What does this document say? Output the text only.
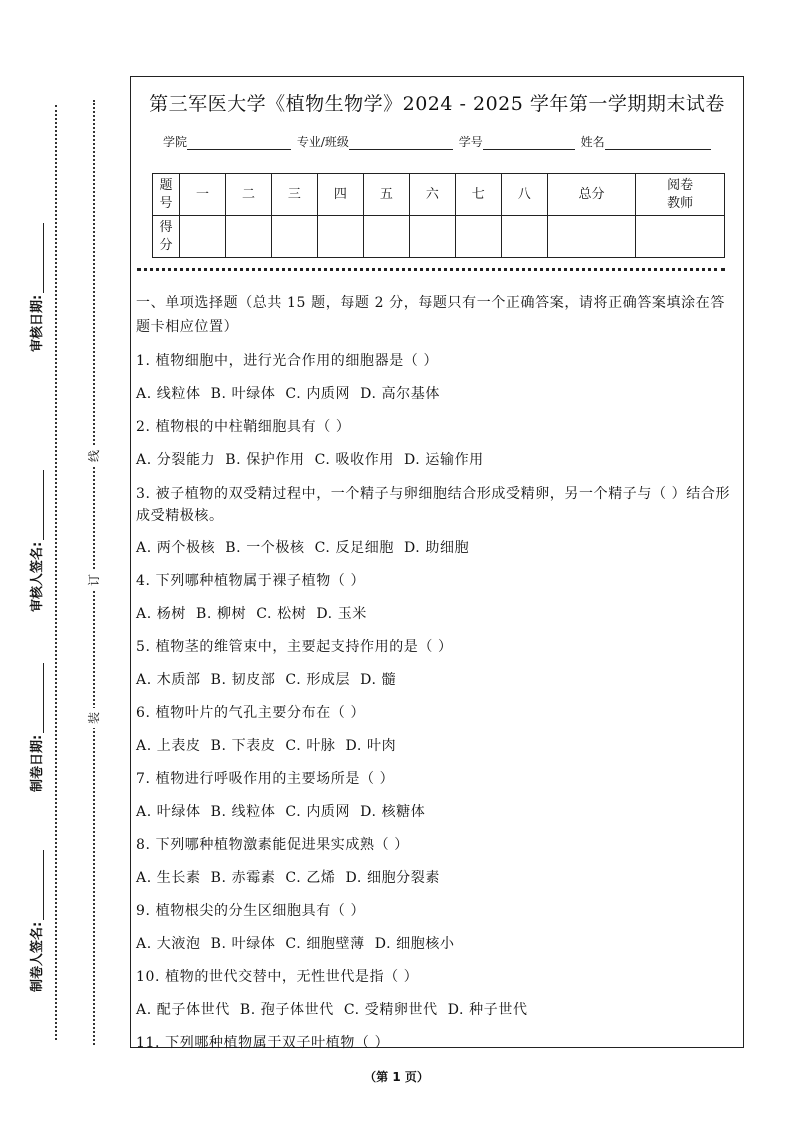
审核日期:
审核人签名:
制卷日期:
制卷人签名:
线
订
装
第三军医大学《植物生物学》2024 - 2025 学年第一学期期末试卷
学院	专业/班级	学号	姓名
题
号	一	二	三	四	五	六	七	八	总分	阅卷
教师
得
分										
一、单项选择题（总共 15 题，每题 2 分，每题只有一个正确答案，请将正确答案填涂在答题卡相应位置）
1. 植物细胞中，进行光合作用的细胞器是（ ）
A. 线粒体 B. 叶绿体 C. 内质网 D. 高尔基体
2. 植物根的中柱鞘细胞具有（ ）
A. 分裂能力 B. 保护作用 C. 吸收作用 D. 运输作用
3. 被子植物的双受精过程中，一个精子与卵细胞结合形成受精卵，另一个精子与（ ）结合形成受精极核。
A. 两个极核 B. 一个极核 C. 反足细胞 D. 助细胞
4. 下列哪种植物属于裸子植物（ ）
A. 杨树 B. 柳树 C. 松树 D. 玉米
5. 植物茎的维管束中，主要起支持作用的是（ ）
A. 木质部 B. 韧皮部 C. 形成层 D. 髓
6. 植物叶片的气孔主要分布在（ ）
A. 上表皮 B. 下表皮 C. 叶脉 D. 叶肉
7. 植物进行呼吸作用的主要场所是（ ）
A. 叶绿体 B. 线粒体 C. 内质网 D. 核糖体
8. 下列哪种植物激素能促进果实成熟（ ）
A. 生长素 B. 赤霉素 C. 乙烯 D. 细胞分裂素
9. 植物根尖的分生区细胞具有（ ）
A. 大液泡 B. 叶绿体 C. 细胞壁薄 D. 细胞核小
10. 植物的世代交替中，无性世代是指（ ）
A. 配子体世代 B. 孢子体世代 C. 受精卵世代 D. 种子世代
11. 下列哪种植物属于双子叶植物（ ）
（第 1 页）
